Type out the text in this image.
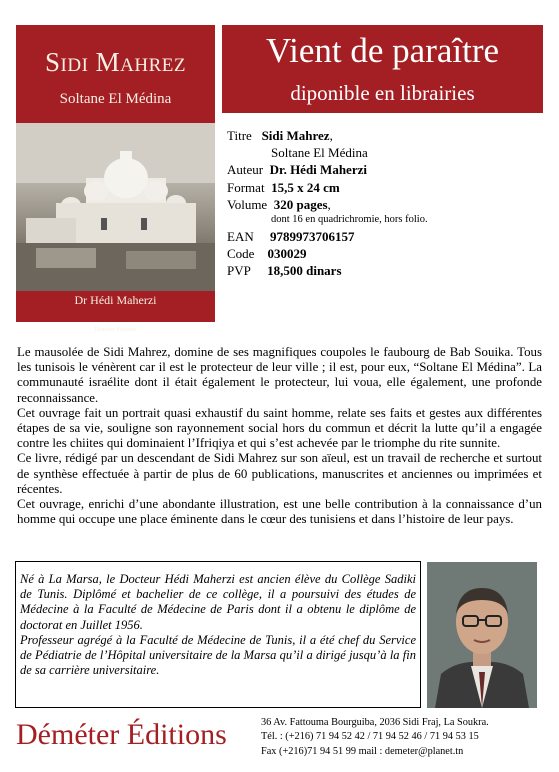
Sidi Mahrez
Soltane El Médina
Dr Hédi Maherzi
Déméter Éditions
Vient de paraître
diponible en librairies
Titre Sidi Mahrez,
Soltane El Médina
Auteur Dr. Hédi Maherzi
Format 15,5 x 24 cm
Volume 320 pages,
dont 16 en quadrichromie, hors folio.
EAN 9789973706157
Code 030029
PVP 18,500 dinars

Le mausolée de Sidi Mahrez, domine de ses magnifiques coupoles le faubourg de Bab Souika. Tous les tunisois le vénèrent car il est le protecteur de leur ville ; il est, pour eux, “Soltane El Médina”. La communauté israélite dont il était également le protecteur, lui voua, elle également, une profonde reconnaissance.

Cet ouvrage fait un portrait quasi exhaustif du saint homme, relate ses faits et gestes aux différentes étapes de sa vie, souligne son rayonnement social hors du commun et décrit la lutte qu’il a engagée contre les chiites qui dominaient l’Ifriqiya et qui s’est achevée par le triomphe du rite sunnite.

Ce livre, rédigé par un descendant de Sidi Mahrez sur son aïeul, est un travail de recherche et surtout de synthèse effectuée à partir de plus de 60 publications, manuscrites et anciennes ou imprimées et récentes.

Cet ouvrage, enrichi d’une abondante illustration, est une belle contribution à la connaissance d’un homme qui occupe une place éminente dans le cœur des tunisiens et dans l’histoire de leur pays.

Né à La Marsa, le Docteur Hédi Maherzi est ancien élève du Collège Sadiki de Tunis. Diplômé et bachelier de ce collège, il a poursuivi des études de Médecine à la Faculté de Médecine de Paris dont il a obtenu le diplôme de doctorat en Juillet 1956.

Professeur agrégé à la Faculté de Médecine de Tunis, il a été chef du Service de Pédiatrie de l’Hôpital universitaire de la Marsa qu’il a dirigé jusqu’à la fin de sa carrière universitaire.

Déméter Éditions	36 Av. Fattouma Bourguiba, 2036 Sidi Fraj, La Soukra.
Tél. : (+216) 71 94 52 42 / 71 94 52 46 / 71 94 53 15
Fax (+216)71 94 51 99 mail : demeter@planet.tn
